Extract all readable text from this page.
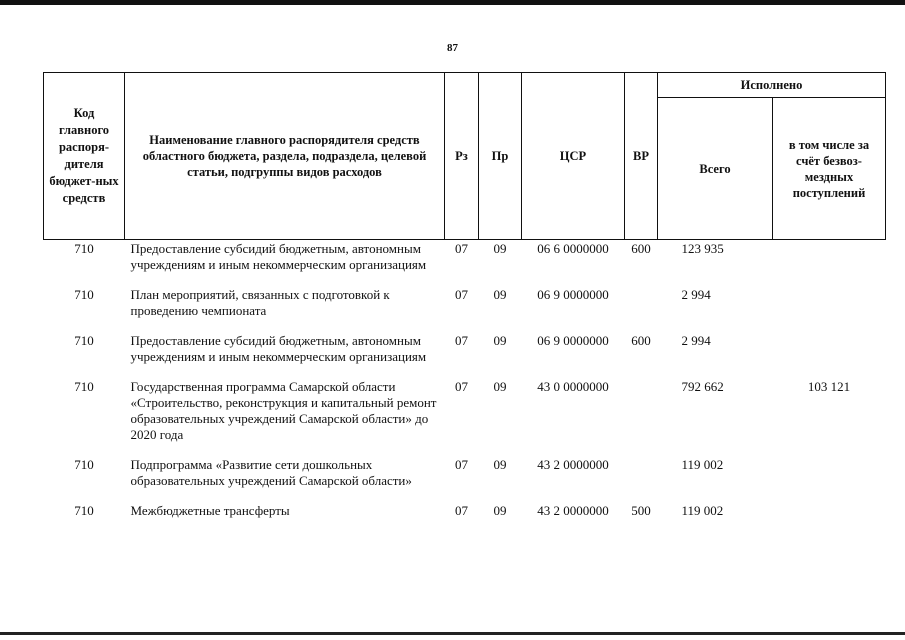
87
Код главного распоря-дителя бюджет-ных средств	Наименование главного распорядителя средств областного бюджета, раздела, подраздела, целевой статьи, подгруппы видов расходов	Рз	Пр	ЦСР	ВР	Исполнено	
						Всего	в том числе за счёт безвоз-мездных поступлений
710	Предоставление субсидий бюджетным, автономным учреждениям и иным некоммерческим организациям	07	09	06 6 0000000	600	123 935	
710	План мероприятий, связанных с подготовкой к проведению чемпионата	07	09	06 9 0000000		2 994	
710	Предоставление субсидий бюджетным, автономным учреждениям и иным некоммерческим организациям	07	09	06 9 0000000	600	2 994	
710	Государственная программа Самарской области «Строительство, реконструкция и капитальный ремонт образовательных учреждений Самарской области» до 2020 года	07	09	43 0 0000000		792 662	103 121
710	Подпрограмма «Развитие сети дошкольных образовательных учреждений Самарской области»	07	09	43 2 0000000		119 002	
710	Межбюджетные трансферты	07	09	43 2 0000000	500	119 002	
